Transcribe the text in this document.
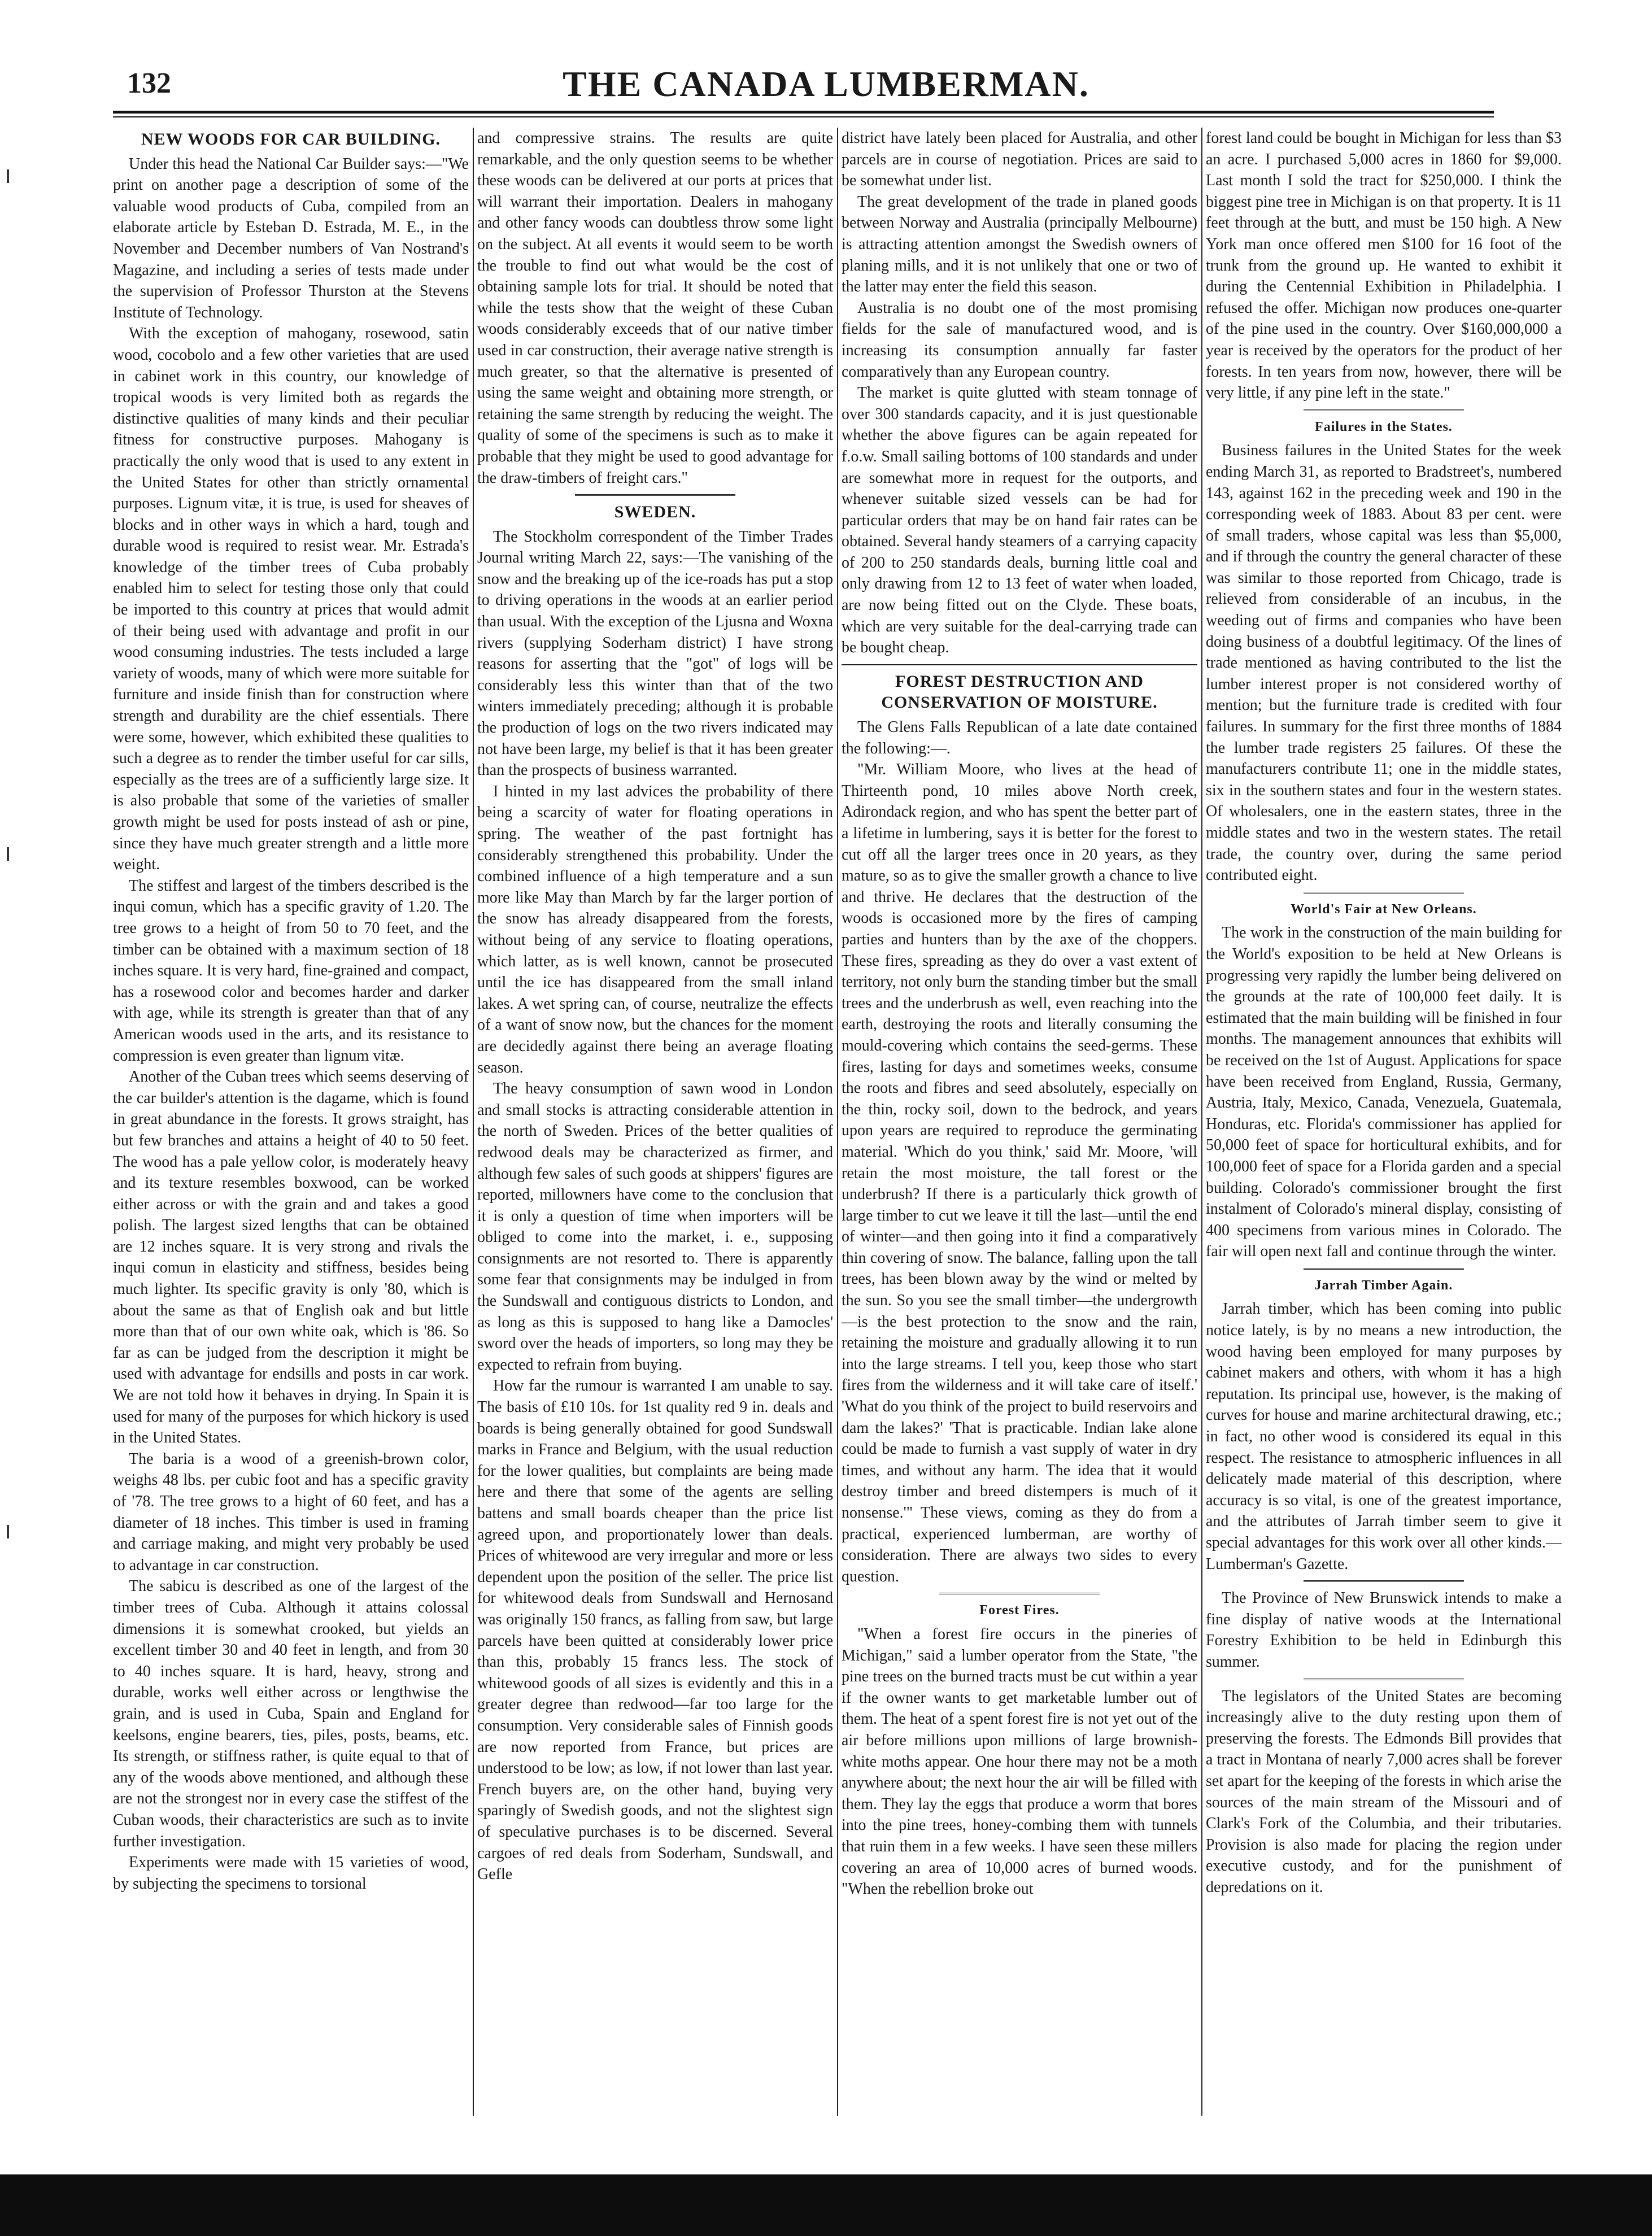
132	THE CANADA LUMBERMAN.
NEW WOODS FOR CAR BUILDING.

Under this head the National Car Builder says:—"We print on another page a description of some of the valuable wood products of Cuba, compiled from an elaborate article by Esteban D. Estrada, M. E., in the November and December numbers of Van Nostrand's Magazine, and including a series of tests made under the supervision of Professor Thurston at the Stevens Institute of Technology.

With the exception of mahogany, rosewood, satin wood, cocobolo and a few other varieties that are used in cabinet work in this country, our knowledge of tropical woods is very limited both as regards the distinctive qualities of many kinds and their peculiar fitness for constructive purposes. Mahogany is practically the only wood that is used to any extent in the United States for other than strictly ornamental purposes. Lignum vitæ, it is true, is used for sheaves of blocks and in other ways in which a hard, tough and durable wood is required to resist wear. Mr. Estrada's knowledge of the timber trees of Cuba probably enabled him to select for testing those only that could be imported to this country at prices that would admit of their being used with advantage and profit in our wood consuming industries. The tests included a large variety of woods, many of which were more suitable for furniture and inside finish than for construction where strength and durability are the chief essentials. There were some, however, which exhibited these qualities to such a degree as to render the timber useful for car sills, especially as the trees are of a sufficiently large size. It is also probable that some of the varieties of smaller growth might be used for posts instead of ash or pine, since they have much greater strength and a little more weight.

The stiffest and largest of the timbers described is the inqui comun, which has a specific gravity of 1.20. The tree grows to a height of from 50 to 70 feet, and the timber can be obtained with a maximum section of 18 inches square. It is very hard, fine-grained and compact, has a rosewood color and becomes harder and darker with age, while its strength is greater than that of any American woods used in the arts, and its resistance to compression is even greater than lignum vitæ.

Another of the Cuban trees which seems deserving of the car builder's attention is the dagame, which is found in great abundance in the forests. It grows straight, has but few branches and attains a height of 40 to 50 feet. The wood has a pale yellow color, is moderately heavy and its texture resembles boxwood, can be worked either across or with the grain and and takes a good polish. The largest sized lengths that can be obtained are 12 inches square. It is very strong and rivals the inqui comun in elasticity and stiffness, besides being much lighter. Its specific gravity is only '80, which is about the same as that of English oak and but little more than that of our own white oak, which is '86. So far as can be judged from the description it might be used with advantage for endsills and posts in car work. We are not told how it behaves in drying. In Spain it is used for many of the purposes for which hickory is used in the United States.

The baria is a wood of a greenish-brown color, weighs 48 lbs. per cubic foot and has a specific gravity of '78. The tree grows to a hight of 60 feet, and has a diameter of 18 inches. This timber is used in framing and carriage making, and might very probably be used to advantage in car construction.

The sabicu is described as one of the largest of the timber trees of Cuba. Although it attains colossal dimensions it is somewhat crooked, but yields an excellent timber 30 and 40 feet in length, and from 30 to 40 inches square. It is hard, heavy, strong and durable, works well either across or lengthwise the grain, and is used in Cuba, Spain and England for keelsons, engine bearers, ties, piles, posts, beams, etc. Its strength, or stiffness rather, is quite equal to that of any of the woods above mentioned, and although these are not the strongest nor in every case the stiffest of the Cuban woods, their characteristics are such as to invite further investigation.

Experiments were made with 15 varieties of wood, by subjecting the specimens to torsional

and compressive strains. The results are quite remarkable, and the only question seems to be whether these woods can be delivered at our ports at prices that will warrant their importation. Dealers in mahogany and other fancy woods can doubtless throw some light on the subject. At all events it would seem to be worth the trouble to find out what would be the cost of obtaining sample lots for trial. It should be noted that while the tests show that the weight of these Cuban woods considerably exceeds that of our native timber used in car construction, their average native strength is much greater, so that the alternative is presented of using the same weight and obtaining more strength, or retaining the same strength by reducing the weight. The quality of some of the specimens is such as to make it probable that they might be used to good advantage for the draw-timbers of freight cars."

SWEDEN.

The Stockholm correspondent of the Timber Trades Journal writing March 22, says:—The vanishing of the snow and the breaking up of the ice-roads has put a stop to driving operations in the woods at an earlier period than usual. With the exception of the Ljusna and Woxna rivers (supplying Soderham district) I have strong reasons for asserting that the "got" of logs will be considerably less this winter than that of the two winters immediately preceding; although it is probable the production of logs on the two rivers indicated may not have been large, my belief is that it has been greater than the prospects of business warranted.

I hinted in my last advices the probability of there being a scarcity of water for floating operations in spring. The weather of the past fortnight has considerably strengthened this probability. Under the combined influence of a high temperature and a sun more like May than March by far the larger portion of the snow has already disappeared from the forests, without being of any service to floating operations, which latter, as is well known, cannot be prosecuted until the ice has disappeared from the small inland lakes. A wet spring can, of course, neutralize the effects of a want of snow now, but the chances for the moment are decidedly against there being an average floating season.

The heavy consumption of sawn wood in London and small stocks is attracting considerable attention in the north of Sweden. Prices of the better qualities of redwood deals may be characterized as firmer, and although few sales of such goods at shippers' figures are reported, millowners have come to the conclusion that it is only a question of time when importers will be obliged to come into the market, i. e., supposing consignments are not resorted to. There is apparently some fear that consignments may be indulged in from the Sundswall and contiguous districts to London, and as long as this is supposed to hang like a Damocles' sword over the heads of importers, so long may they be expected to refrain from buying.

How far the rumour is warranted I am unable to say. The basis of £10 10s. for 1st quality red 9 in. deals and boards is being generally obtained for good Sundswall marks in France and Belgium, with the usual reduction for the lower qualities, but complaints are being made here and there that some of the agents are selling battens and small boards cheaper than the price list agreed upon, and proportionately lower than deals. Prices of whitewood are very irregular and more or less dependent upon the position of the seller. The price list for whitewood deals from Sundswall and Hernosand was originally 150 francs, as falling from saw, but large parcels have been quitted at considerably lower price than this, probably 15 francs less. The stock of whitewood goods of all sizes is evidently and this in a greater degree than redwood—far too large for the consumption. Very considerable sales of Finnish goods are now reported from France, but prices are understood to be low; as low, if not lower than last year. French buyers are, on the other hand, buying very sparingly of Swedish goods, and not the slightest sign of speculative purchases is to be discerned. Several cargoes of red deals from Soderham, Sundswall, and Gefle

district have lately been placed for Australia, and other parcels are in course of negotiation. Prices are said to be somewhat under list.

The great development of the trade in planed goods between Norway and Australia (principally Melbourne) is attracting attention amongst the Swedish owners of planing mills, and it is not unlikely that one or two of the latter may enter the field this season.

Australia is no doubt one of the most promising fields for the sale of manufactured wood, and is increasing its consumption annually far faster comparatively than any European country.

The market is quite glutted with steam tonnage of over 300 standards capacity, and it is just questionable whether the above figures can be again repeated for f.o.w. Small sailing bottoms of 100 standards and under are somewhat more in request for the outports, and whenever suitable sized vessels can be had for particular orders that may be on hand fair rates can be obtained. Several handy steamers of a carrying capacity of 200 to 250 standards deals, burning little coal and only drawing from 12 to 13 feet of water when loaded, are now being fitted out on the Clyde. These boats, which are very suitable for the deal-carrying trade can be bought cheap.

FOREST DESTRUCTION AND CONSERVATION OF MOISTURE.

The Glens Falls Republican of a late date contained the following:—.

"Mr. William Moore, who lives at the head of Thirteenth pond, 10 miles above North creek, Adirondack region, and who has spent the better part of a lifetime in lumbering, says it is better for the forest to cut off all the larger trees once in 20 years, as they mature, so as to give the smaller growth a chance to live and thrive. He declares that the destruction of the woods is occasioned more by the fires of camping parties and hunters than by the axe of the choppers. These fires, spreading as they do over a vast extent of territory, not only burn the standing timber but the small trees and the underbrush as well, even reaching into the earth, destroying the roots and literally consuming the mould-covering which contains the seed-germs. These fires, lasting for days and sometimes weeks, consume the roots and fibres and seed absolutely, especially on the thin, rocky soil, down to the bedrock, and years upon years are required to reproduce the germinating material. 'Which do you think,' said Mr. Moore, 'will retain the most moisture, the tall forest or the underbrush? If there is a particularly thick growth of large timber to cut we leave it till the last—until the end of winter—and then going into it find a comparatively thin covering of snow. The balance, falling upon the tall trees, has been blown away by the wind or melted by the sun. So you see the small timber—the undergrowth—is the best protection to the snow and the rain, retaining the moisture and gradually allowing it to run into the large streams. I tell you, keep those who start fires from the wilderness and it will take care of itself.' 'What do you think of the project to build reservoirs and dam the lakes?' 'That is practicable. Indian lake alone could be made to furnish a vast supply of water in dry times, and without any harm. The idea that it would destroy timber and breed distempers is much of it nonsense.'" These views, coming as they do from a practical, experienced lumberman, are worthy of consideration. There are always two sides to every question.

Forest Fires.

"When a forest fire occurs in the pineries of Michigan," said a lumber operator from the State, "the pine trees on the burned tracts must be cut within a year if the owner wants to get marketable lumber out of them. The heat of a spent forest fire is not yet out of the air before millions upon millions of large brownish-white moths appear. One hour there may not be a moth anywhere about; the next hour the air will be filled with them. They lay the eggs that produce a worm that bores into the pine trees, honey-combing them with tunnels that ruin them in a few weeks. I have seen these millers covering an area of 10,000 acres of burned woods. "When the rebellion broke out

forest land could be bought in Michigan for less than $3 an acre. I purchased 5,000 acres in 1860 for $9,000. Last month I sold the tract for $250,000. I think the biggest pine tree in Michigan is on that property. It is 11 feet through at the butt, and must be 150 high. A New York man once offered men $100 for 16 foot of the trunk from the ground up. He wanted to exhibit it during the Centennial Exhibition in Philadelphia. I refused the offer. Michigan now produces one-quarter of the pine used in the country. Over $160,000,000 a year is received by the operators for the product of her forests. In ten years from now, however, there will be very little, if any pine left in the state."

Failures in the States.

Business failures in the United States for the week ending March 31, as reported to Bradstreet's, numbered 143, against 162 in the preceding week and 190 in the corresponding week of 1883. About 83 per cent. were of small traders, whose capital was less than $5,000, and if through the country the general character of these was similar to those reported from Chicago, trade is relieved from considerable of an incubus, in the weeding out of firms and companies who have been doing business of a doubtful legitimacy. Of the lines of trade mentioned as having contributed to the list the lumber interest proper is not considered worthy of mention; but the furniture trade is credited with four failures. In summary for the first three months of 1884 the lumber trade registers 25 failures. Of these the manufacturers contribute 11; one in the middle states, six in the southern states and four in the western states. Of wholesalers, one in the eastern states, three in the middle states and two in the western states. The retail trade, the country over, during the same period contributed eight.

World's Fair at New Orleans.

The work in the construction of the main building for the World's exposition to be held at New Orleans is progressing very rapidly the lumber being delivered on the grounds at the rate of 100,000 feet daily. It is estimated that the main building will be finished in four months. The management announces that exhibits will be received on the 1st of August. Applications for space have been received from England, Russia, Germany, Austria, Italy, Mexico, Canada, Venezuela, Guatemala, Honduras, etc. Florida's commissioner has applied for 50,000 feet of space for horticultural exhibits, and for 100,000 feet of space for a Florida garden and a special building. Colorado's commissioner brought the first instalment of Colorado's mineral display, consisting of 400 specimens from various mines in Colorado. The fair will open next fall and continue through the winter.

Jarrah Timber Again.

Jarrah timber, which has been coming into public notice lately, is by no means a new introduction, the wood having been employed for many purposes by cabinet makers and others, with whom it has a high reputation. Its principal use, however, is the making of curves for house and marine architectural drawing, etc.; in fact, no other wood is considered its equal in this respect. The resistance to atmospheric influences in all delicately made material of this description, where accuracy is so vital, is one of the greatest importance, and the attributes of Jarrah timber seem to give it special advantages for this work over all other kinds.—Lumberman's Gazette.

The Province of New Brunswick intends to make a fine display of native woods at the International Forestry Exhibition to be held in Edinburgh this summer.

The legislators of the United States are becoming increasingly alive to the duty resting upon them of preserving the forests. The Edmonds Bill provides that a tract in Montana of nearly 7,000 acres shall be forever set apart for the keeping of the forests in which arise the sources of the main stream of the Missouri and of Clark's Fork of the Columbia, and their tributaries. Provision is also made for placing the region under executive custody, and for the punishment of depredations on it.
